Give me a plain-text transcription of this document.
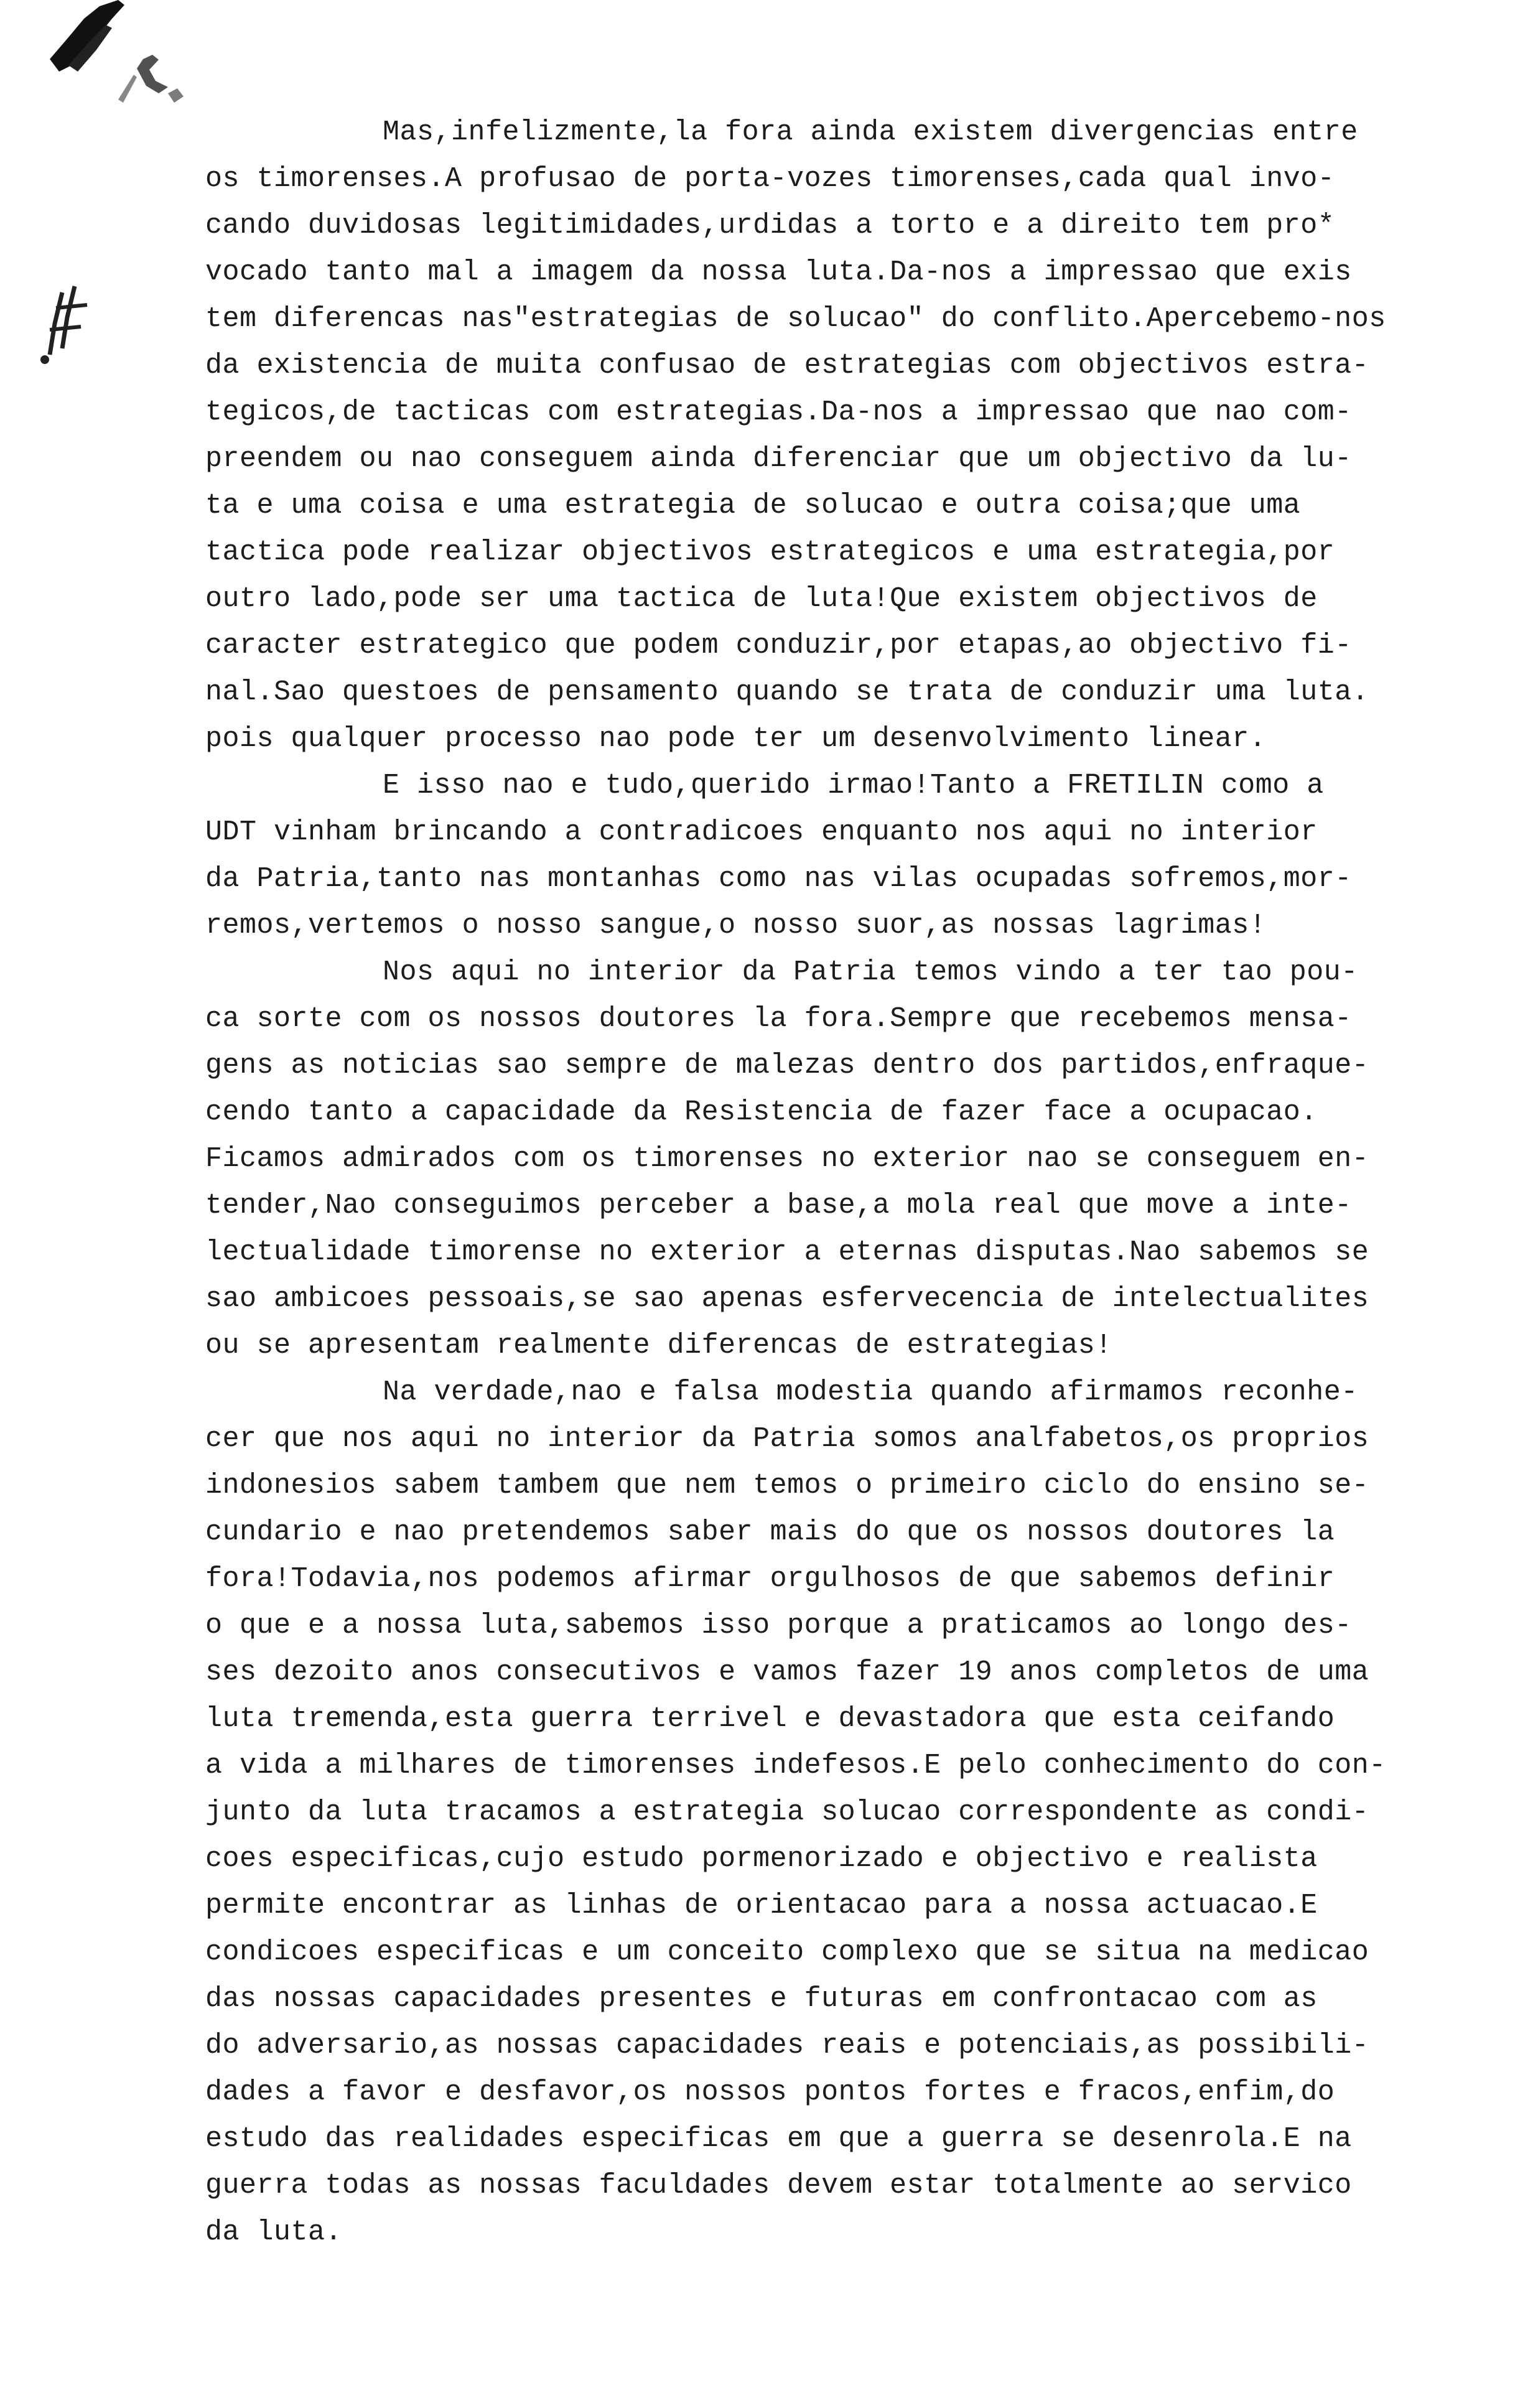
Mas,infelizmente,la fora ainda existem divergencias entre
os timorenses.A profusao de porta-vozes timorenses,cada qual invo-
cando duvidosas legitimidades,urdidas a torto e a direito tem pro*
vocado tanto mal a imagem da nossa luta.Da-nos a impressao que exis
tem diferencas nas"estrategias de solucao" do conflito.Apercebemo-nos
da existencia de muita confusao de estrategias com objectivos estra-
tegicos,de tacticas com estrategias.Da-nos a impressao que nao com-
preendem ou nao conseguem ainda diferenciar que um objectivo da lu-
ta e uma coisa e uma estrategia de solucao e outra coisa;que uma
tactica pode realizar objectivos estrategicos e uma estrategia,por
outro lado,pode ser uma tactica de luta!Que existem objectivos de
caracter estrategico que podem conduzir,por etapas,ao objectivo fi-
nal.Sao questoes de pensamento quando se trata de conduzir uma luta.
pois qualquer processo nao pode ter um desenvolvimento linear.
E isso nao e tudo,querido irmao!Tanto a FRETILIN como a
UDT vinham brincando a contradicoes enquanto nos aqui no interior
da Patria,tanto nas montanhas como nas vilas ocupadas sofremos,mor-
remos,vertemos o nosso sangue,o nosso suor,as nossas lagrimas!
Nos aqui no interior da Patria temos vindo a ter tao pou-
ca sorte com os nossos doutores la fora.Sempre que recebemos mensa-
gens as noticias sao sempre de malezas dentro dos partidos,enfraque-
cendo tanto a capacidade da Resistencia de fazer face a ocupacao.
Ficamos admirados com os timorenses no exterior nao se conseguem en-
tender,Nao conseguimos perceber a base,a mola real que move a inte-
lectualidade timorense no exterior a eternas disputas.Nao sabemos se
sao ambicoes pessoais,se sao apenas esfervecencia de intelectualites
ou se apresentam realmente diferencas de estrategias!
Na verdade,nao e falsa modestia quando afirmamos reconhe-
cer que nos aqui no interior da Patria somos analfabetos,os proprios
indonesios sabem tambem que nem temos o primeiro ciclo do ensino se-
cundario e nao pretendemos saber mais do que os nossos doutores la
fora!Todavia,nos podemos afirmar orgulhosos de que sabemos definir
o que e a nossa luta,sabemos isso porque a praticamos ao longo des-
ses dezoito anos consecutivos e vamos fazer 19 anos completos de uma
luta tremenda,esta guerra terrivel e devastadora que esta ceifando
a vida a milhares de timorenses indefesos.E pelo conhecimento do con-
junto da luta tracamos a estrategia solucao correspondente as condi-
coes especificas,cujo estudo pormenorizado e objectivo e realista
permite encontrar as linhas de orientacao para a nossa actuacao.E
condicoes especificas e um conceito complexo que se situa na medicao
das nossas capacidades presentes e futuras em confrontacao com as
do adversario,as nossas capacidades reais e potenciais,as possibili-
dades a favor e desfavor,os nossos pontos fortes e fracos,enfim,do
estudo das realidades especificas em que a guerra se desenrola.E na
guerra todas as nossas faculdades devem estar totalmente ao servico
da luta.
